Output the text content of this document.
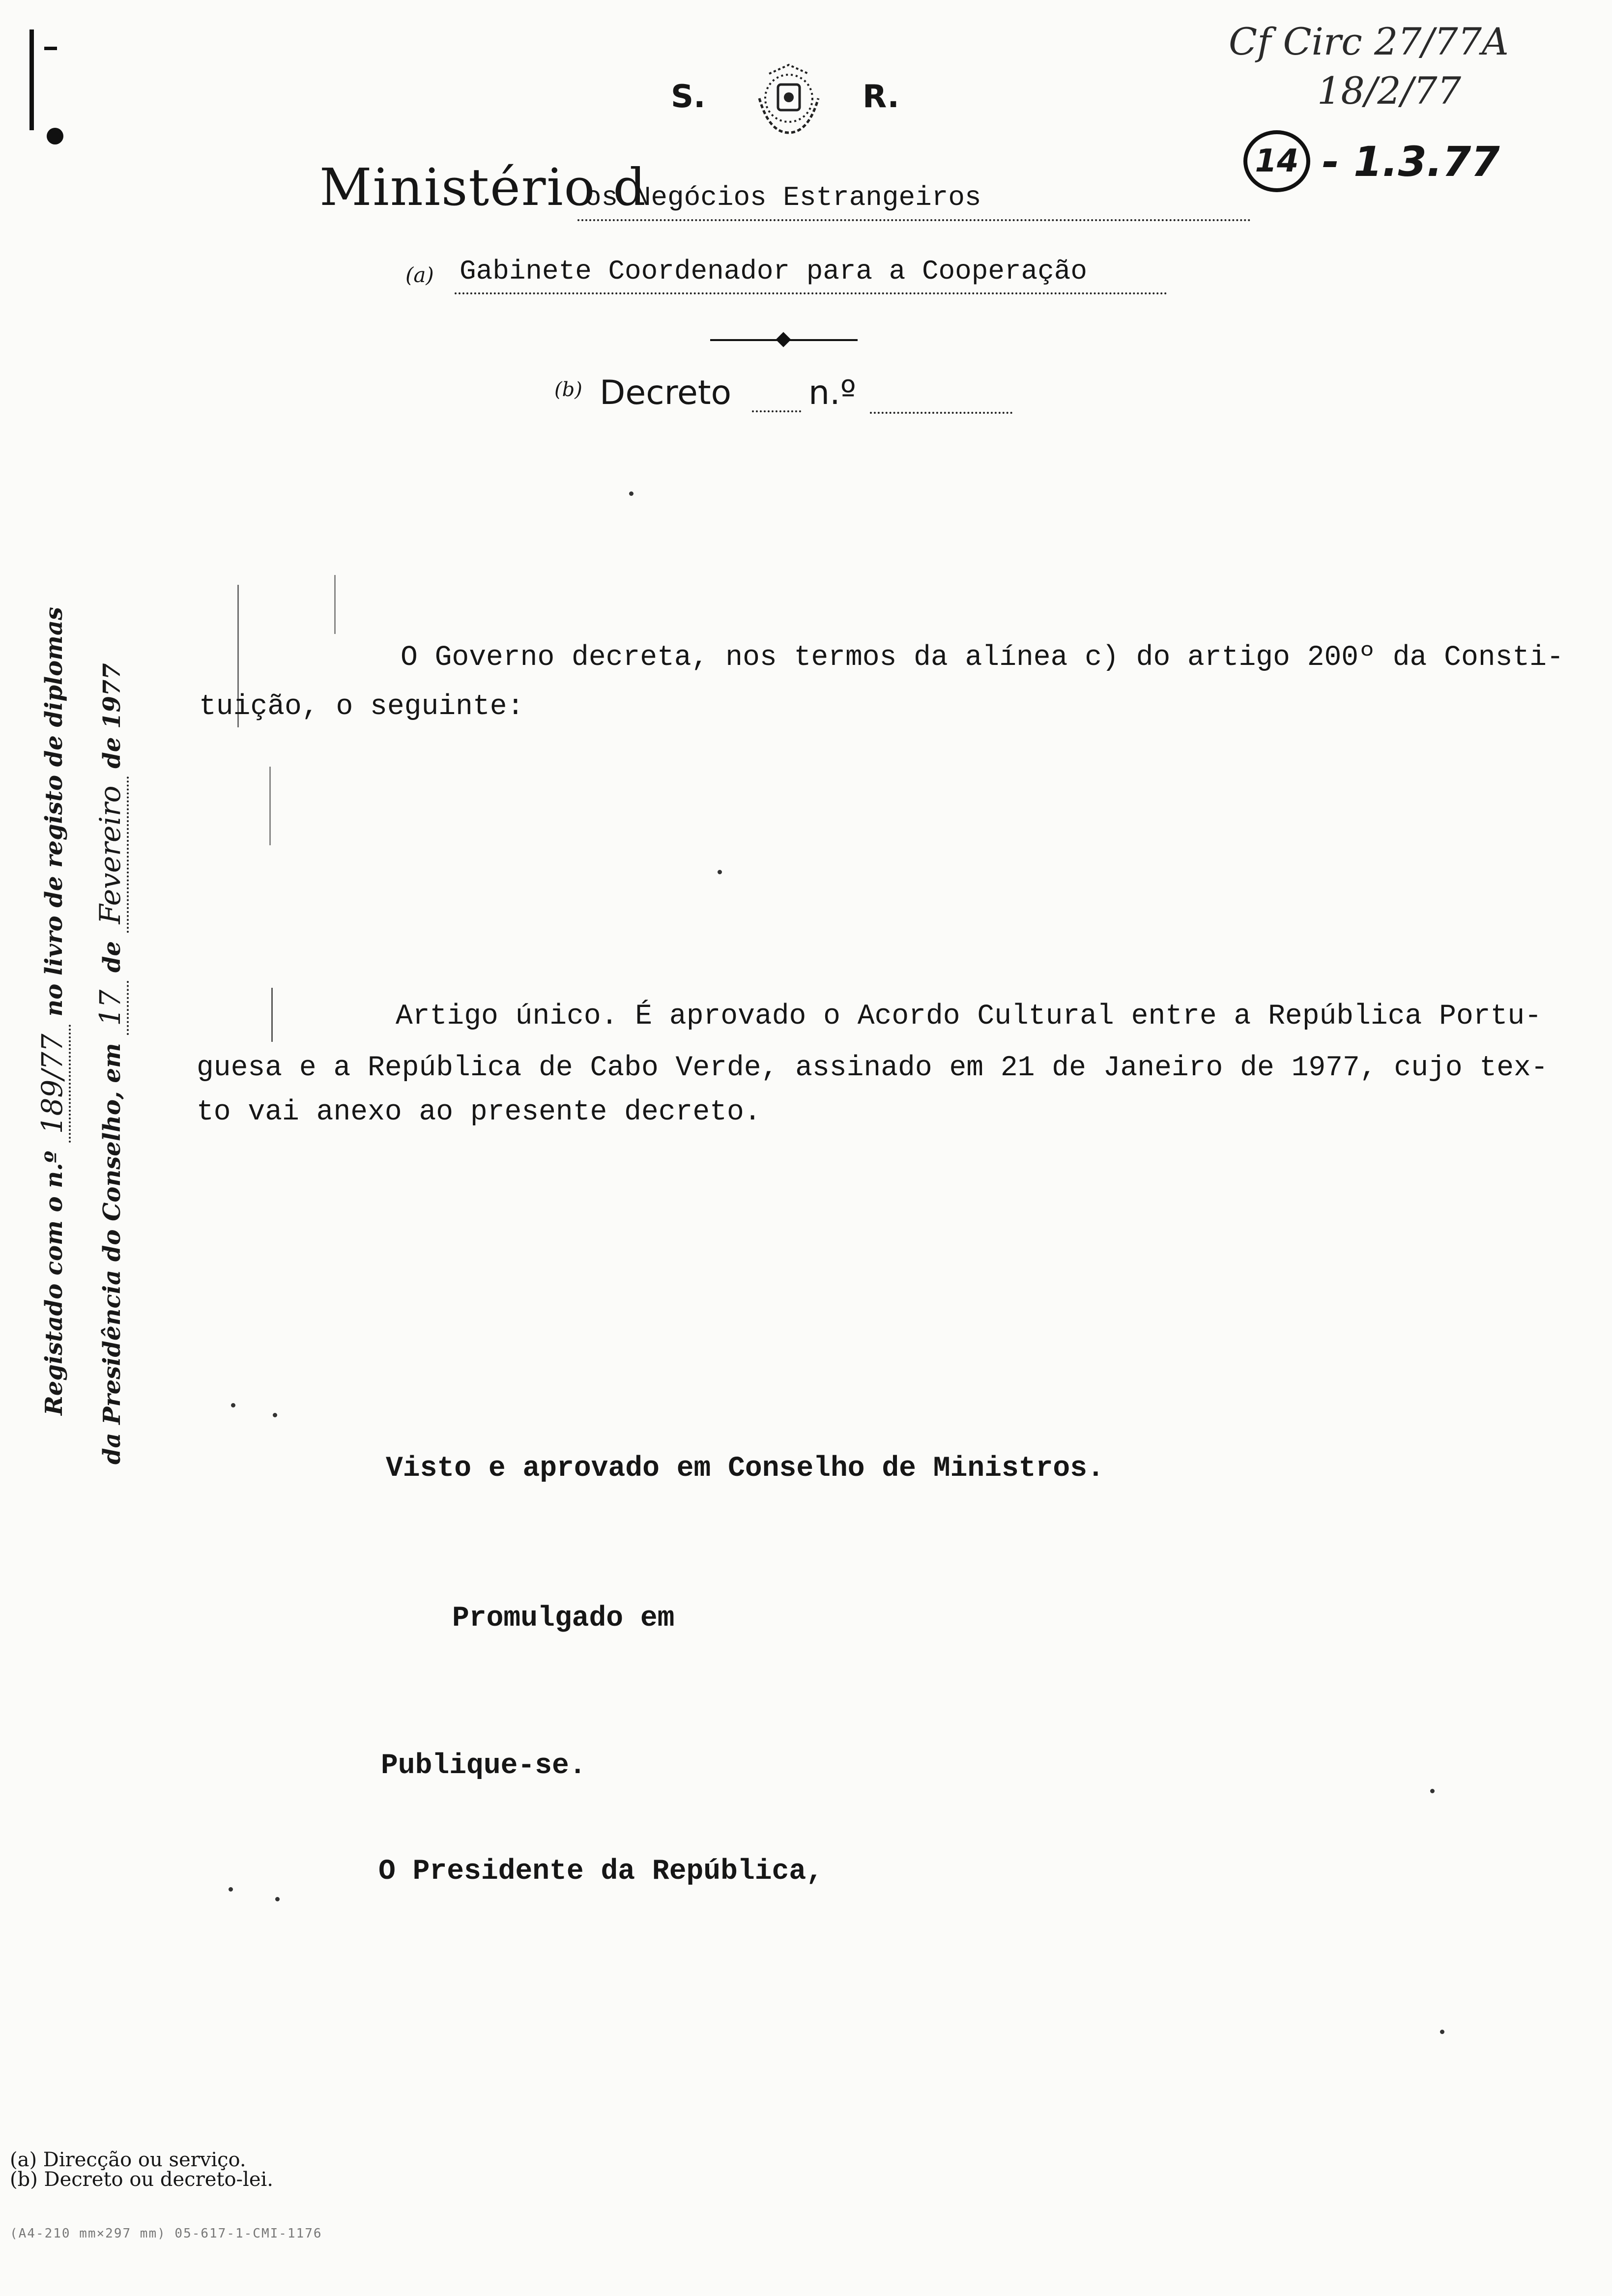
S.	R.
Ministério d
os Negócios Estrangeiros
(a) Gabinete Coordenador para a Cooperação
(b) Decreto n.º
Cf Circ 27/77A
18/2/77
14 - 1.3.77
Registado com o n.º 189/77 no livro de registo de diplomas
da Presidência do Conselho, em 17 de Fevereiro de 1977
O Governo decreta, nos termos da alínea c) do artigo 200º da Consti-
tuição, o seguinte:
Artigo único. É aprovado o Acordo Cultural entre a República Portu-
guesa e a República de Cabo Verde, assinado em 21 de Janeiro de 1977, cujo tex-
to vai anexo ao presente decreto.
Visto e aprovado em Conselho de Ministros.
Promulgado em
Publique-se.
O Presidente da República,
(a) Direcção ou serviço.
(b) Decreto ou decreto-lei.
(A4-210 mm×297 mm) 05-617-1-CMI-1176
